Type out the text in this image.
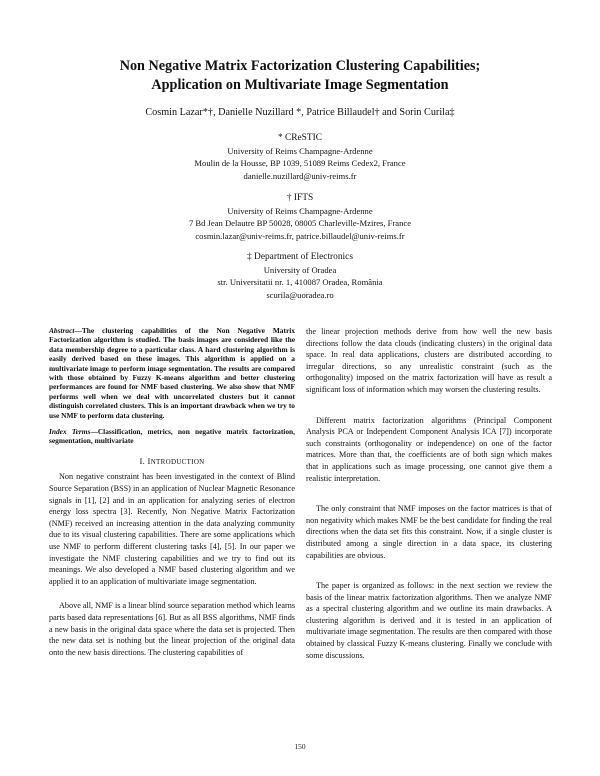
Non Negative Matrix Factorization Clustering Capabilities;
Application on Multivariate Image Segmentation
Cosmin Lazar*†, Danielle Nuzillard *, Patrice Billaudel† and Sorin Curila‡
* CReSTIC
University of Reims Champagne-Ardenne
Moulin de la Housse, BP 1039, 51089 Reims Cedex2, France
danielle.nuzillard@univ-reims.fr
† IFTS
University of Reims Champagne-Ardenne
7 Bd Jean Delautre BP 50028, 08005 Charleville-Mzires, France
cosmin.lazar@univ-reims.fr, patrice.billaudel@univ-reims.fr
‡ Department of Electronics
University of Oradea
str. Universitatii nr. 1, 410087 Oradea, România
scurila@uoradea.ro

Abstract—The clustering capabilities of the Non Negative Matrix Factorization algorithm is studied. The basis images are considered like the data membership degree to a particular class. A hard clustering algorithm is easily derived based on these images. This algorithm is applied on a multivariate image to perform image segmentation. The results are compared with those obtained by Fuzzy K-means algorithm and better clustering performances are found for NMF based clustering. We also show that NMF performs well when we deal with uncorrelated clusters but it cannot distinguish correlated clusters. This is an important drawback when we try to use NMF to perform data clustering.

Index Terms—Classification, metrics, non negative matrix factorization, segmentation, multivariate

I. INTRODUCTION

Non negative constraint has been investigated in the context of Blind Source Separation (BSS) in an application of Nuclear Magnetic Resonance signals in [1], [2] and in an application for analyzing series of electron energy loss spectra [3]. Recently, Non Negative Matrix Factorization (NMF) received an increasing attention in the data analyzing community due to its visual clustering capabilities. There are some applications which use NMF to perform different clustering tasks [4], [5]. In our paper we investigate the NMF clustering capabilities and we try to find out its meanings. We also developed a NMF based clustering algorithm and we applied it to an application of multivariate image segmentation.

Above all, NMF is a linear blind source separation method which learns parts based data representations [6]. But as all BSS algorithms, NMF finds a new basis in the original data space where the data set is projected. Then the new data set is nothing but the linear projection of the original data onto the new basis directions. The clustering capabilities of

the linear projection methods derive from how well the new basis directions follow the data clouds (indicating clusters) in the original data space. In real data applications, clusters are distributed according to irregular directions, so any unrealistic constraint (such as the orthogonality) imposed on the matrix factorization will have as result a significant loss of information which may worsen the clustering results.

Different matrix factorization algorithms (Principal Component Analysis PCA or Independent Component Analysis ICA [7]) incorporate such constraints (orthogonality or independence) on one of the factor matrices. More than that, the coefficients are of both sign which makes that in applications such as image processing, one cannot give them a realistic interpretation.

The only constraint that NMF imposes on the factor matrices is that of non negativity which makes NMF be the best candidate for finding the real directions when the data set fits this constraint. Now, if a single cluster is distributed among a single direction in a data space, its clustering capabilities are obvious.

The paper is organized as follows: in the next section we review the basis of the linear matrix factorization algorithms. Then we analyze NMF as a spectral clustering algorithm and we outline its main drawbacks. A clustering algorithm is derived and it is tested in an application of multivariate image segmentation. The results are then compared with those obtained by classical Fuzzy K-means clustering. Finally we conclude with some discussions.

150
